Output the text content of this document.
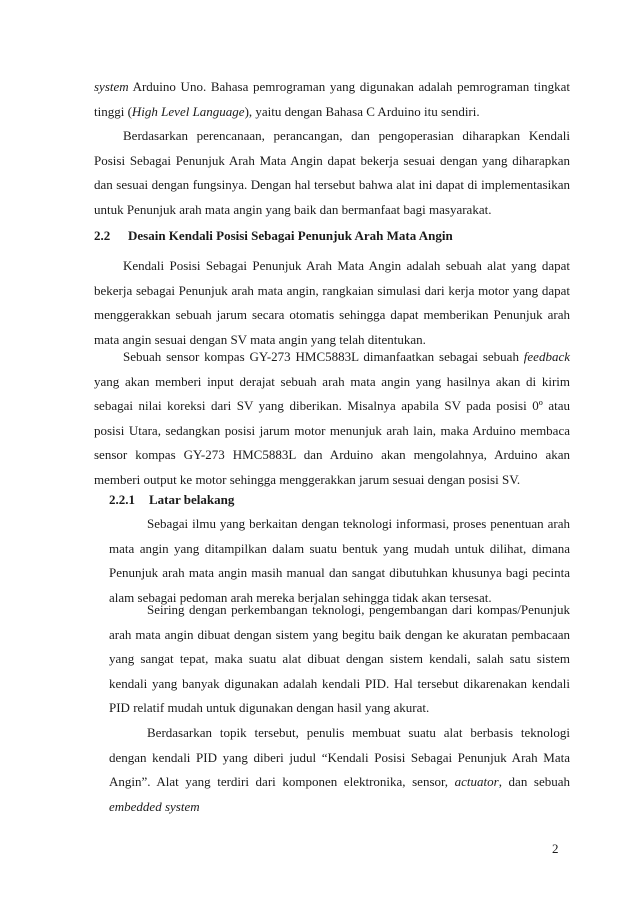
system Arduino Uno. Bahasa pemrograman yang digunakan adalah pemrograman tingkat tinggi (High Level Language), yaitu dengan Bahasa C Arduino itu sendiri.

Berdasarkan perencanaan, perancangan, dan pengoperasian diharapkan Kendali Posisi Sebagai Penunjuk Arah Mata Angin dapat bekerja sesuai dengan yang diharapkan dan sesuai dengan fungsinya. Dengan hal tersebut bahwa alat ini dapat di implementasikan untuk Penunjuk arah mata angin yang baik dan bermanfaat bagi masyarakat.

2.2 Desain Kendali Posisi Sebagai Penunjuk Arah Mata Angin

Kendali Posisi Sebagai Penunjuk Arah Mata Angin adalah sebuah alat yang dapat bekerja sebagai Penunjuk arah mata angin, rangkaian simulasi dari kerja motor yang dapat menggerakkan sebuah jarum secara otomatis sehingga dapat memberikan Penunjuk arah mata angin sesuai dengan SV mata angin yang telah ditentukan.

Sebuah sensor kompas GY-273 HMC5883L dimanfaatkan sebagai sebuah feedback yang akan memberi input derajat sebuah arah mata angin yang hasilnya akan di kirim sebagai nilai koreksi dari SV yang diberikan. Misalnya apabila SV pada posisi 0º atau posisi Utara, sedangkan posisi jarum motor menunjuk arah lain, maka Arduino membaca sensor kompas GY-273 HMC5883L dan Arduino akan mengolahnya, Arduino akan memberi output ke motor sehingga menggerakkan jarum sesuai dengan posisi SV.

2.2.1 Latar belakang

Sebagai ilmu yang berkaitan dengan teknologi informasi, proses penentuan arah mata angin yang ditampilkan dalam suatu bentuk yang mudah untuk dilihat, dimana Penunjuk arah mata angin masih manual dan sangat dibutuhkan khusunya bagi pecinta alam sebagai pedoman arah mereka berjalan sehingga tidak akan tersesat.

Seiring dengan perkembangan teknologi, pengembangan dari kompas/Penunjuk arah mata angin dibuat dengan sistem yang begitu baik dengan ke akuratan pembacaan yang sangat tepat, maka suatu alat dibuat dengan sistem kendali, salah satu sistem kendali yang banyak digunakan adalah kendali PID. Hal tersebut dikarenakan kendali PID relatif mudah untuk digunakan dengan hasil yang akurat.

Berdasarkan topik tersebut, penulis membuat suatu alat berbasis teknologi dengan kendali PID yang diberi judul “Kendali Posisi Sebagai Penunjuk Arah Mata Angin”. Alat yang terdiri dari komponen elektronika, sensor, actuator, dan sebuah embedded system

2
